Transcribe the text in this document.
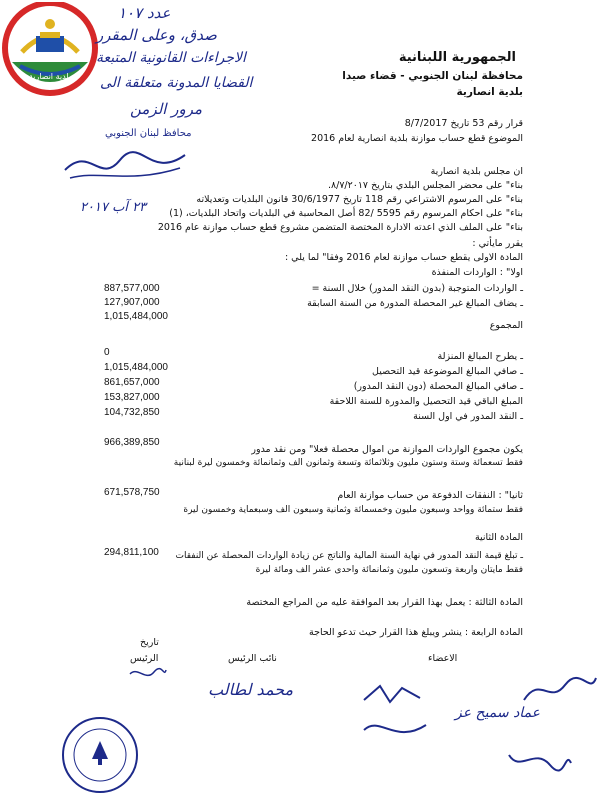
بلدية انصارية
عدد ١٠٧
صدق، وعلى المقرر
الاجراءات القانونية المتبعة
القضايا المدونة متعلقة الى
مرور الزمن
محافظ لبنان الجنوبي
٢٣ آب ٢٠١٧
الجمهورية اللبنانية
محافظة لبنان الجنوبي - قضاء صيدا
بلدية انصارية
قرار رقم 53 تاريخ 8/7/2017
الموضوع قطع حساب موازنة بلدية انصارية لعام 2016
ان مجلس بلدية انصارية
بناء" على محضر المجلس البلدي بتاريخ ٨/٧/٢٠١٧.
بناء" على المرسوم الاشتراعي رقم 118 تاريخ 30/6/1977 قانون البلديات وتعديلاته
بناء" على احكام المرسوم رقم 5595 /82 أصل المحاسبة في البلديات واتحاد البلديات، (1)
بناء" على الملف الذي اعدته الادارة المختصة المتضمن مشروع قطع حساب موازنة عام 2016
يقرر مايأتي :
المادة الاولى يقطع حساب موازنة لعام 2016 وفقا" لما يلي :
اولا" : الواردات المنفذة
ـ الواردات المتوجبة (بدون النقد المدور) خلال السنة =
887,577,000
ـ يضاف المبالغ غير المحصلة المدورة من السنة السابقة
127,907,000
1,015,484,000
المجموع
0	ـ يطرح المبالغ المنزلة
1,015,484,000	ـ صافي المبالغ الموضوعة قيد التحصيل
861,657,000	ـ صافي المبالغ المحصلة (دون النقد المدور)
153,827,000	المبلغ الباقي قيد التحصيل والمدورة للسنة اللاحقة
104,732,850	ـ النقد المدور في اول السنة
966,389,850
يكون مجموع الواردات الموازنة من اموال محصلة فعلا" ومن نقد مدور
فقط تسعمائة وستة وستون مليون وثلاثمائة وتسعة وثمانون الف وثمانمائة وخمسون ليرة لبنانية
671,578,750	ثانيا" : النفقات الدفوعة من حساب موازنة العام
فقط ستمائة وواحد وسبعون مليون وخمسمائة وثمانية وسبعون الف وسبعماية وخمسون ليرة
المادة الثانية
294,811,100 ـ تبلغ قيمة النقد المدور في نهاية السنة المالية والناتج عن زيادة الواردات المحصلة عن النفقات
فقط مايتان واربعة وتسعون مليون وثمانمائة واحدى عشر الف ومائة ليرة
المادة الثالثة : يعمل بهذا القرار بعد الموافقة عليه من المراجع المختصة
المادة الرابعة : ينشر ويبلغ هذا القرار حيث تدعو الحاجة
تاريخ
الرئيس	نائب الرئيس	الاعضاء
محمد لطالب
عماد سميح عز
